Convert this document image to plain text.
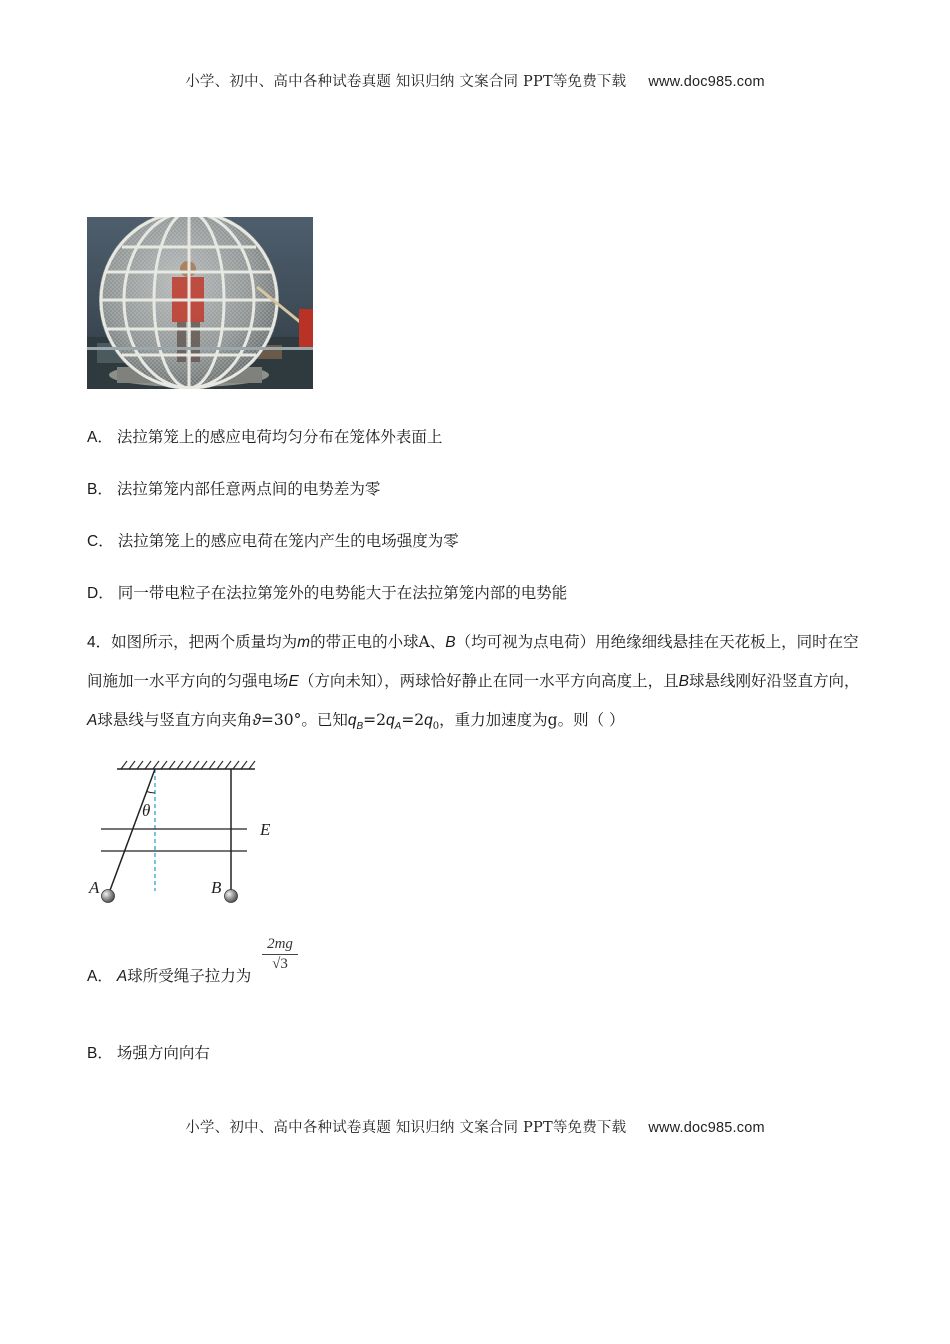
小学、初中、高中各种试卷真题 知识归纳 文案合同 PPT等免费下载 www.doc985.com
A． 法拉第笼上的感应电荷均匀分布在笼体外表面上
B． 法拉第笼内部任意两点间的电势差为零
C． 法拉第笼上的感应电荷在笼内产生的电场强度为零
D． 同一带电粒子在法拉第笼外的电势能大于在法拉第笼内部的电势能
4．如图所示，把两个质量均为m的带正电的小球A、B（均可视为点电荷）用绝缘细线悬挂在天花板上，同时在空间施加一水平方向的匀强电场E（方向未知），两球恰好静止在同一水平方向高度上，且B球悬线刚好沿竖直方向，A球悬线与竖直方向夹角ϑ=30°。已知$q_B=2q_A=2q_0$，重力加速度为g。则（ ）
θ
E
A	B
A． A球所受绳子拉力为
2mg
√3
B． 场强方向向右
小学、初中、高中各种试卷真题 知识归纳 文案合同 PPT等免费下载 www.doc985.com
